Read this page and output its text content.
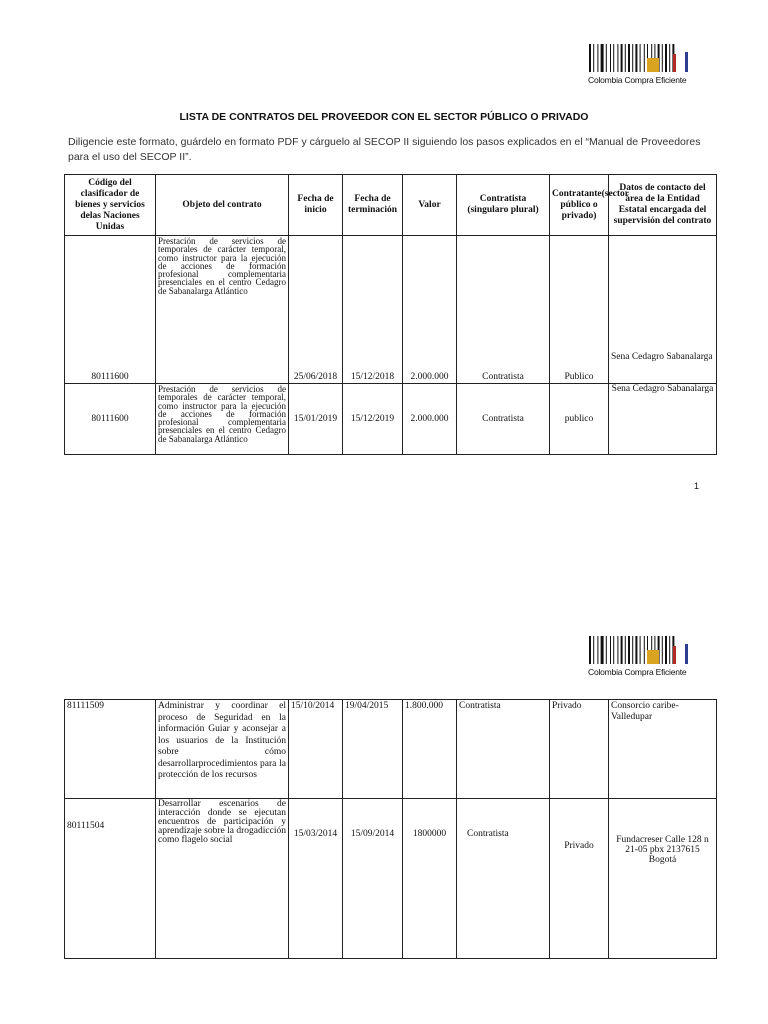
Colombia Compra Eficiente
LISTA DE CONTRATOS DEL PROVEEDOR CON EL SECTOR PÚBLICO O PRIVADO
Diligencie este formato, guárdelo en formato PDF y cárguelo al SECOP II siguiendo los pasos explicados en el “Manual de Proveedores para el uso del SECOP II”.
Código del clasificador de bienes y servicios delas Naciones Unidas	Objeto del contrato	Fecha de inicio	Fecha de terminación	Valor	Contratista (singularo plural)	Contratante(sector público o privado)	Datos de contacto del área de la Entidad Estatal encargada del supervisión del contrato
80111600	Prestación de servicios de temporales de carácter temporal, como instructor para la ejecución de acciones de formación profesional complementaria presenciales en el centro Cedagro de Sabanalarga Atlántico	25/06/2018	15/12/2018	2.000.000	Contratista	Publico	Sena Cedagro Sabanalarga
80111600	Prestación de servicios de temporales de carácter temporal, como instructor para la ejecución de acciones de formación profesional complementaria presenciales en el centro Cedagro de Sabanalarga Atlántico	15/01/2019	15/12/2019	2.000.000	Contratista	publico	Sena Cedagro Sabanalarga
1
Colombia Compra Eficiente
81111509	Administrar y coordinar el proceso de Seguridad en la información Guiar y aconsejar a los usuarios de la Institución sobre cómo desarrollarprocedimientos para la protección de los recursos	15/10/2014	19/04/2015	1.800.000	Contratista	Privado	Consorcio caribe-Valledupar
80111504	Desarrollar escenarios de interacción donde se ejecutan encuentros de participación y aprendizaje sobre la drogadicción como flagelo social	15/03/2014	15/09/2014	1800000	Contratista	Privado	Fundacreser Calle 128 n 21-05 pbx 2137615 Bogotá
